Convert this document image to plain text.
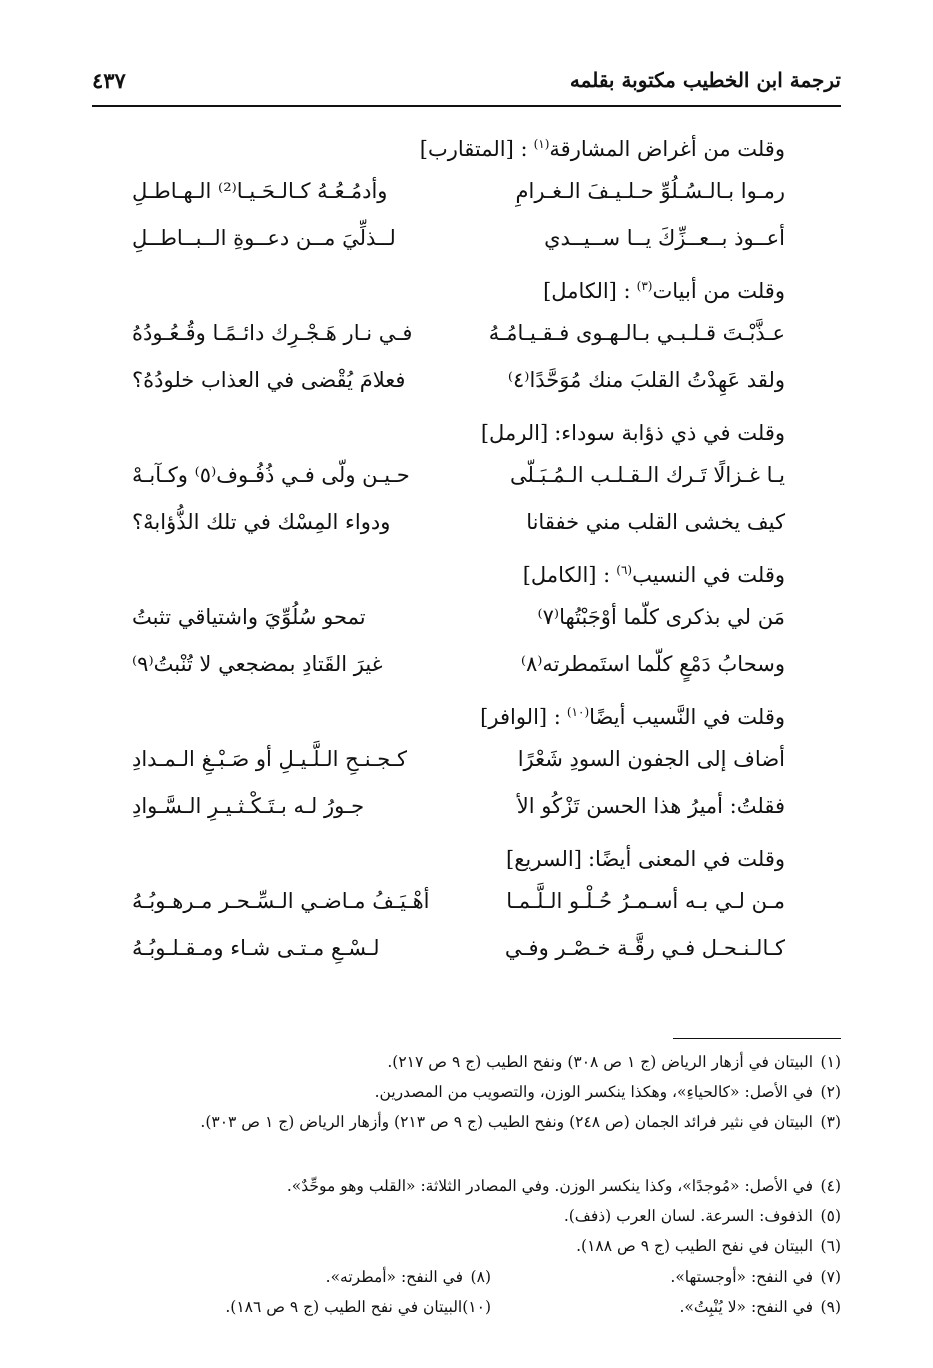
ترجمة ابن الخطيب مكتوبة بقلمه
٤٣٧
وقلت من أغراض المشارقة$^{(١)}$: [المتقارب]
رمـوا بـالـسُـلُوِّ حـلـيـفَ الـغـرامِ
وأدمُـعُـهُ كـالـحَـيـا⁽²⁾ الـهـاطـلِ
أعــوذ بــعــزِّكَ يــا ســيــدي
لــذلِّيَ مــن دعــوةِ الــبــاطــلِ
وقلت من أبيات$^{(٣)}$: [الكامل]
عـذَّبْـتَ قـلـبـي بـالـهـوى فـقـيـامُـهُ
فـي نـار هَـجْـرِك دائـمًـا وقُـعُـودُهُ
ولقد عَهِدْتُ القلبَ منك مُوَحَّدًا⁽٤⁾
فعلامَ يُقْضى في العذاب خلودُهُ؟
وقلت في ذي ذؤابة سوداء:[الرمل]
يـا غـزالًا تَـرك الـقـلـب الـمُـبَـلّى
حـيـن ولّى فـي ذُفُـوف⁽٥⁾ وكـآبـهْ
كيف يخشى القلب مني خفقانا
ودواء المِسْك في تلك الذُّؤابهْ؟
وقلت في النسيب$^{(٦)}$: [الكامل]
مَن لي بذكرى كلّما أوْجَبْتُها⁽٧⁾
تمحو سُلُوِّيَ واشتياقي تثبتُ
وسحابُ دَمْعٍ كلّما استَمطرته⁽٨⁾
غيرَ القَتادِ بمضجعي لا تُنْبتُ⁽٩⁾
وقلت في النَّسيب أيضًا$^{(١٠)}$: [الوافر]
أضاف إلى الجفون السودِ شَعْرًا
كـجـنـحِ الـلَّـيـلِ أو صَـبْـغِ الـمـدادِ
فقلتُ: أميرُ هذا الحسن تَزْكُو الأ
جـورُ لـه بـتَـكْـثـيـرِ الـسَّـوادِ
وقلت في المعنى أيضًا:[السريع]
مـن لـي بـه أسـمـرُ حُـلْـو الـلَّـمـا
أهْـيَـفُ مـاضـي الـسِّـحـر مـرهـوبُـهُ
كـالـنـحـل فـي رقَّـة خـصْـر وفـي
لـسْـعِ مـتـى شـاء ومـقـلـوبُـهُ
(١)البيتان في أزهار الرياض (ج ١ ص ٣٠٨) ونفح الطيب (ج ٩ ص ٢١٧).
(٢)في الأصل: «كالحياءِ»، وهكذا ينكسر الوزن، والتصويب من المصدرين.
(٣)البيتان في نثير فرائد الجمان (ص ٢٤٨) ونفح الطيب (ج ٩ ص ٢١٣) وأزهار الرياض (ج ١ ص ٣٠٣).
(٤)في الأصل: «مُوجدًا»، وكذا ينكسر الوزن. وفي المصادر الثلاثة: «القلب وهو موحِّدٌ».
(٥)الذفوف: السرعة. لسان العرب (ذفف).
(٦)البيتان في نفح الطيب (ج ٩ ص ١٨٨).
(٧)في النفح: «أوجستها».
(٨)في النفح: «أمطرته».
(٩)في النفح: «لا يُنْبِتُ».
(١٠)البيتان في نفح الطيب (ج ٩ ص ١٨٦).
